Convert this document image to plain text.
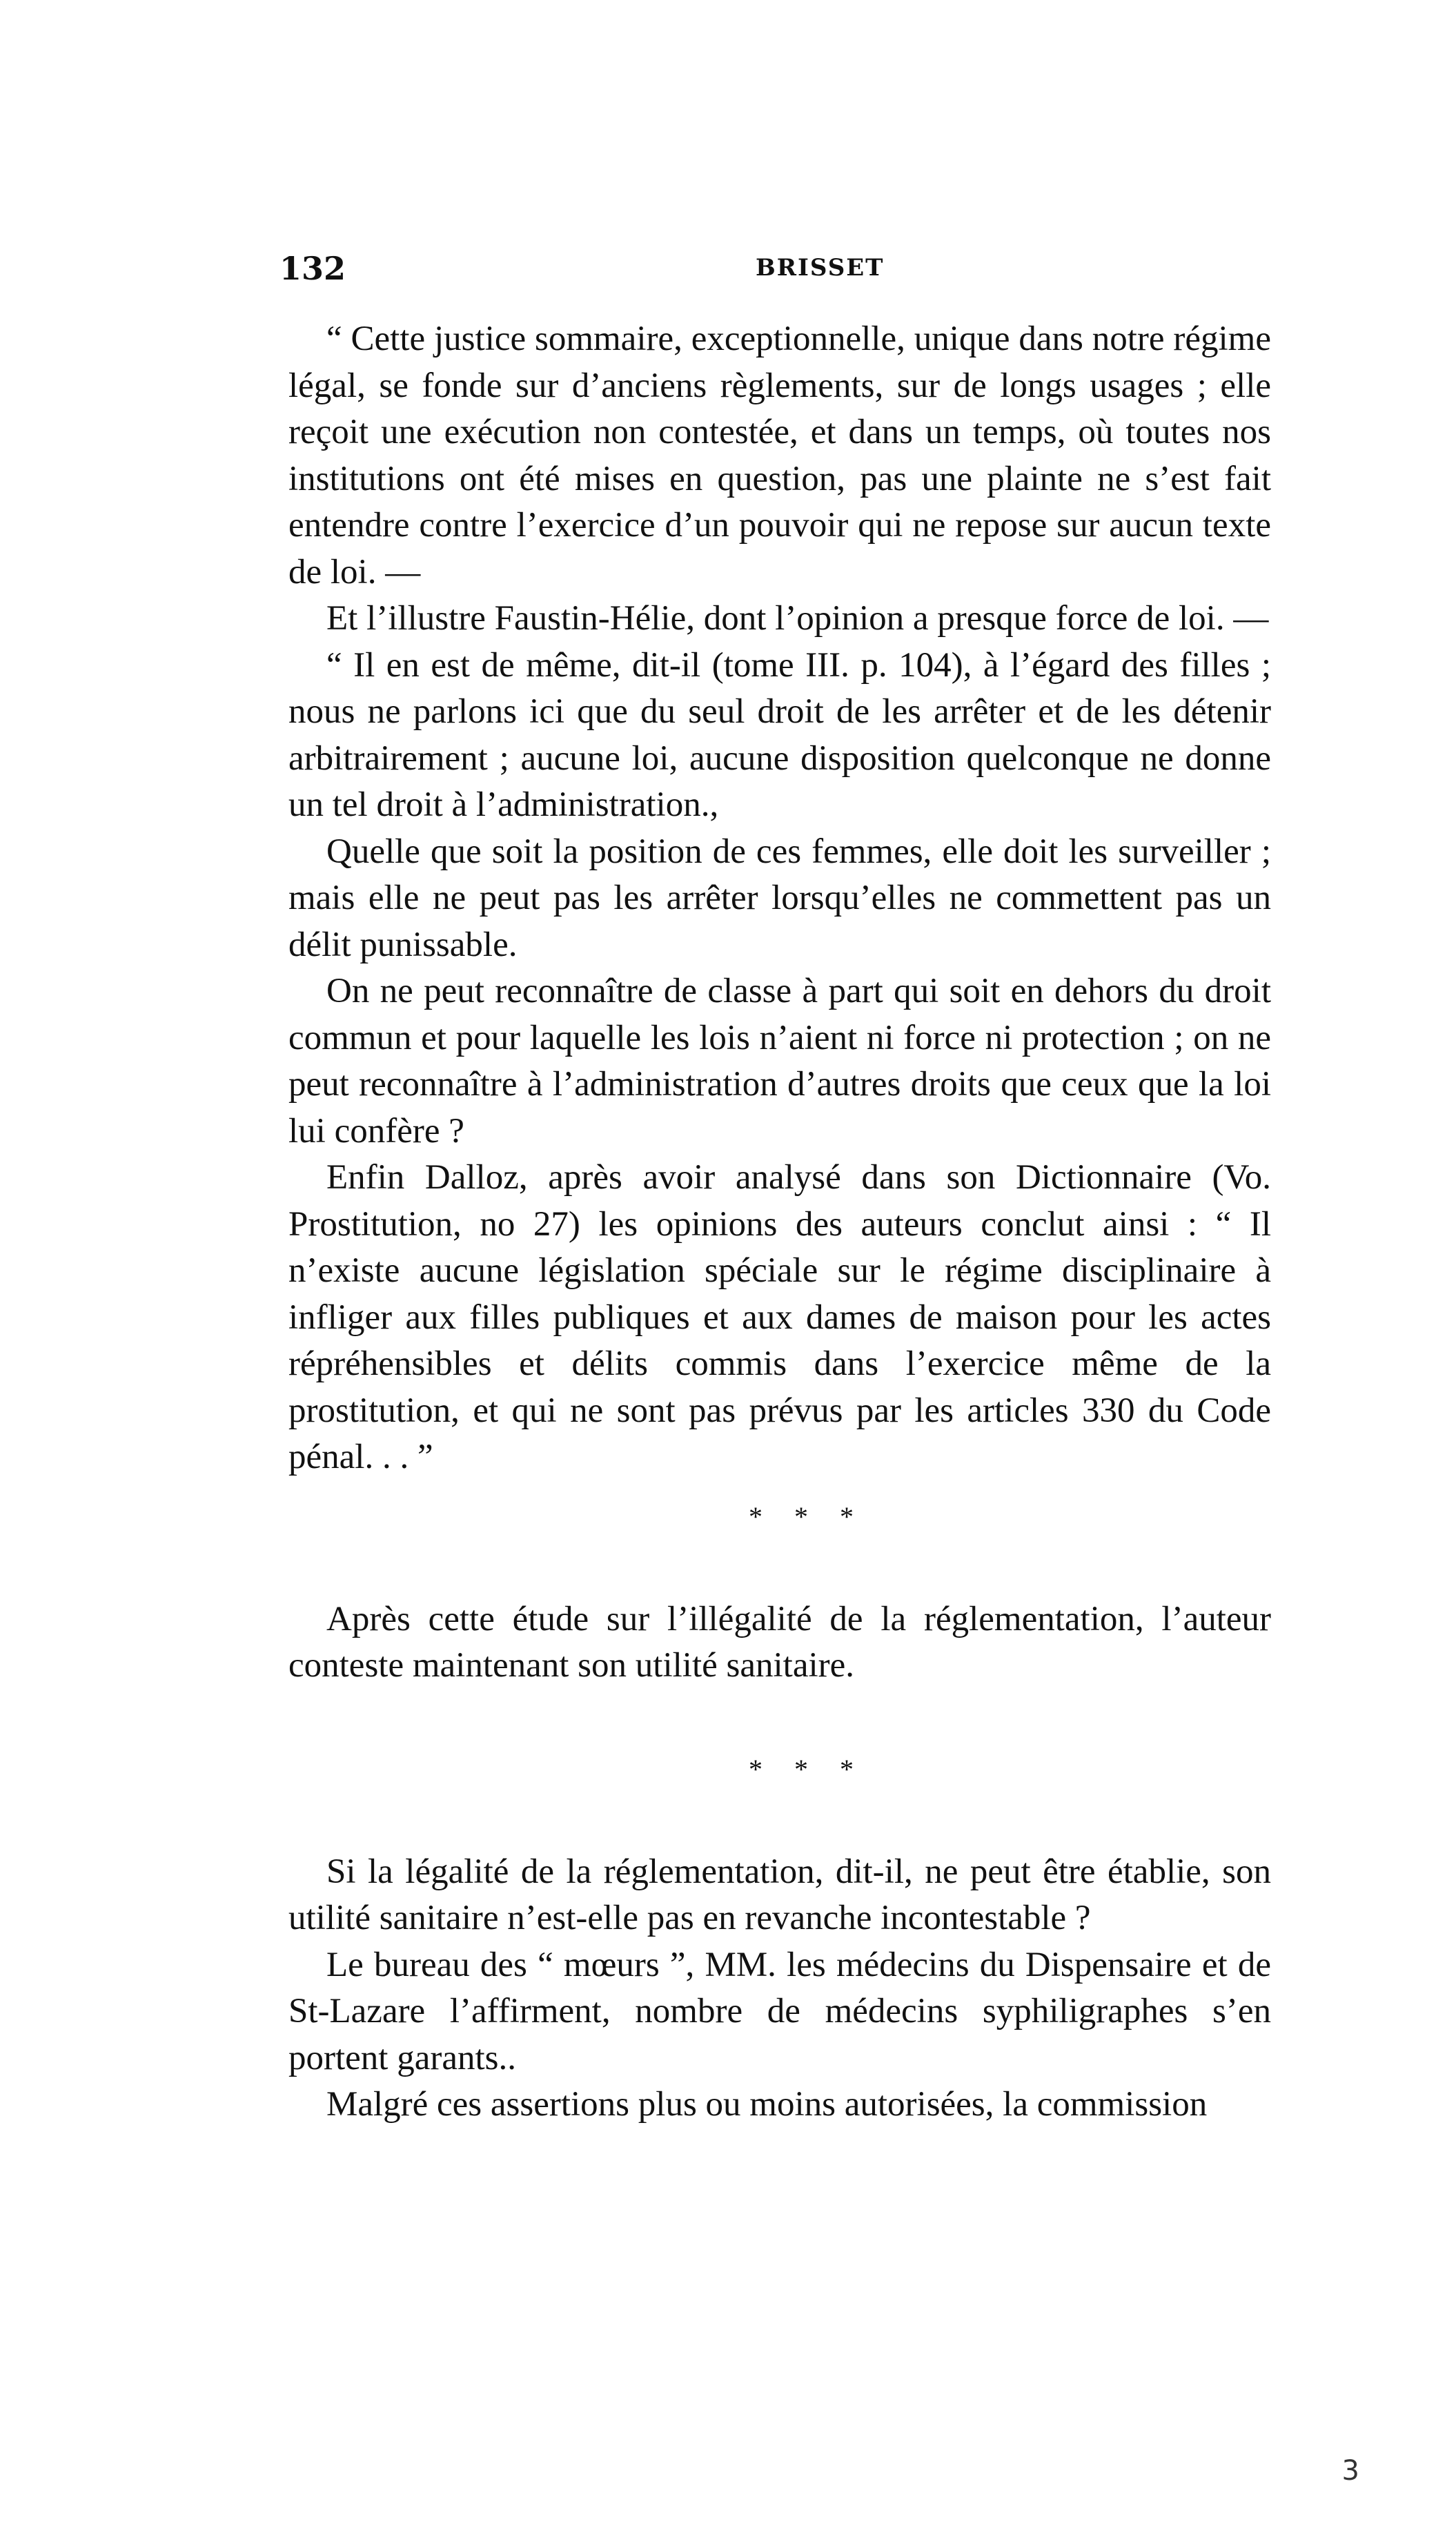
132	BRISSET

“ Cette justice sommaire, exceptionnelle, unique dans notre régime légal, se fonde sur d’anciens règlements, sur de longs usages ; elle reçoit une exécution non contestée, et dans un temps, où toutes nos institutions ont été mises en question, pas une plainte ne s’est fait entendre contre l’exercice d’un pouvoir qui ne repose sur aucun texte de loi. —

Et l’illustre Faustin-Hélie, dont l’opinion a presque force de loi. —

“ Il en est de même, dit-il (tome III. p. 104), à l’égard des filles ; nous ne parlons ici que du seul droit de les arrêter et de les détenir arbitrairement ; aucune loi, aucune disposition quelconque ne donne un tel droit à l’administration.,

Quelle que soit la position de ces femmes, elle doit les surveiller ; mais elle ne peut pas les arrêter lorsqu’elles ne commettent pas un délit punissable.

On ne peut reconnaître de classe à part qui soit en dehors du droit commun et pour laquelle les lois n’aient ni force ni protection ; on ne peut reconnaître à l’administration d’autres droits que ceux que la loi lui confère ?

Enfin Dalloz, après avoir analysé dans son Dictionnaire (Vo. Prostitution, no 27) les opinions des auteurs conclut ainsi : “ Il n’existe aucune législation spéciale sur le régime disciplinaire à infliger aux filles publiques et aux dames de maison pour les actes répréhensibles et délits commis dans l’exercice même de la prostitution, et qui ne sont pas prévus par les articles 330 du Code pénal. . . ”

* * *

Après cette étude sur l’illégalité de la réglementation, l’auteur conteste maintenant son utilité sanitaire.

* * *

Si la légalité de la réglementation, dit-il, ne peut être établie, son utilité sanitaire n’est-elle pas en revanche incontestable ?

Le bureau des “ mœurs ”, MM. les médecins du Dispensaire et de St-Lazare l’affirment, nombre de médecins syphiligraphes s’en portent garants..

Malgré ces assertions plus ou moins autorisées, la commission

3
